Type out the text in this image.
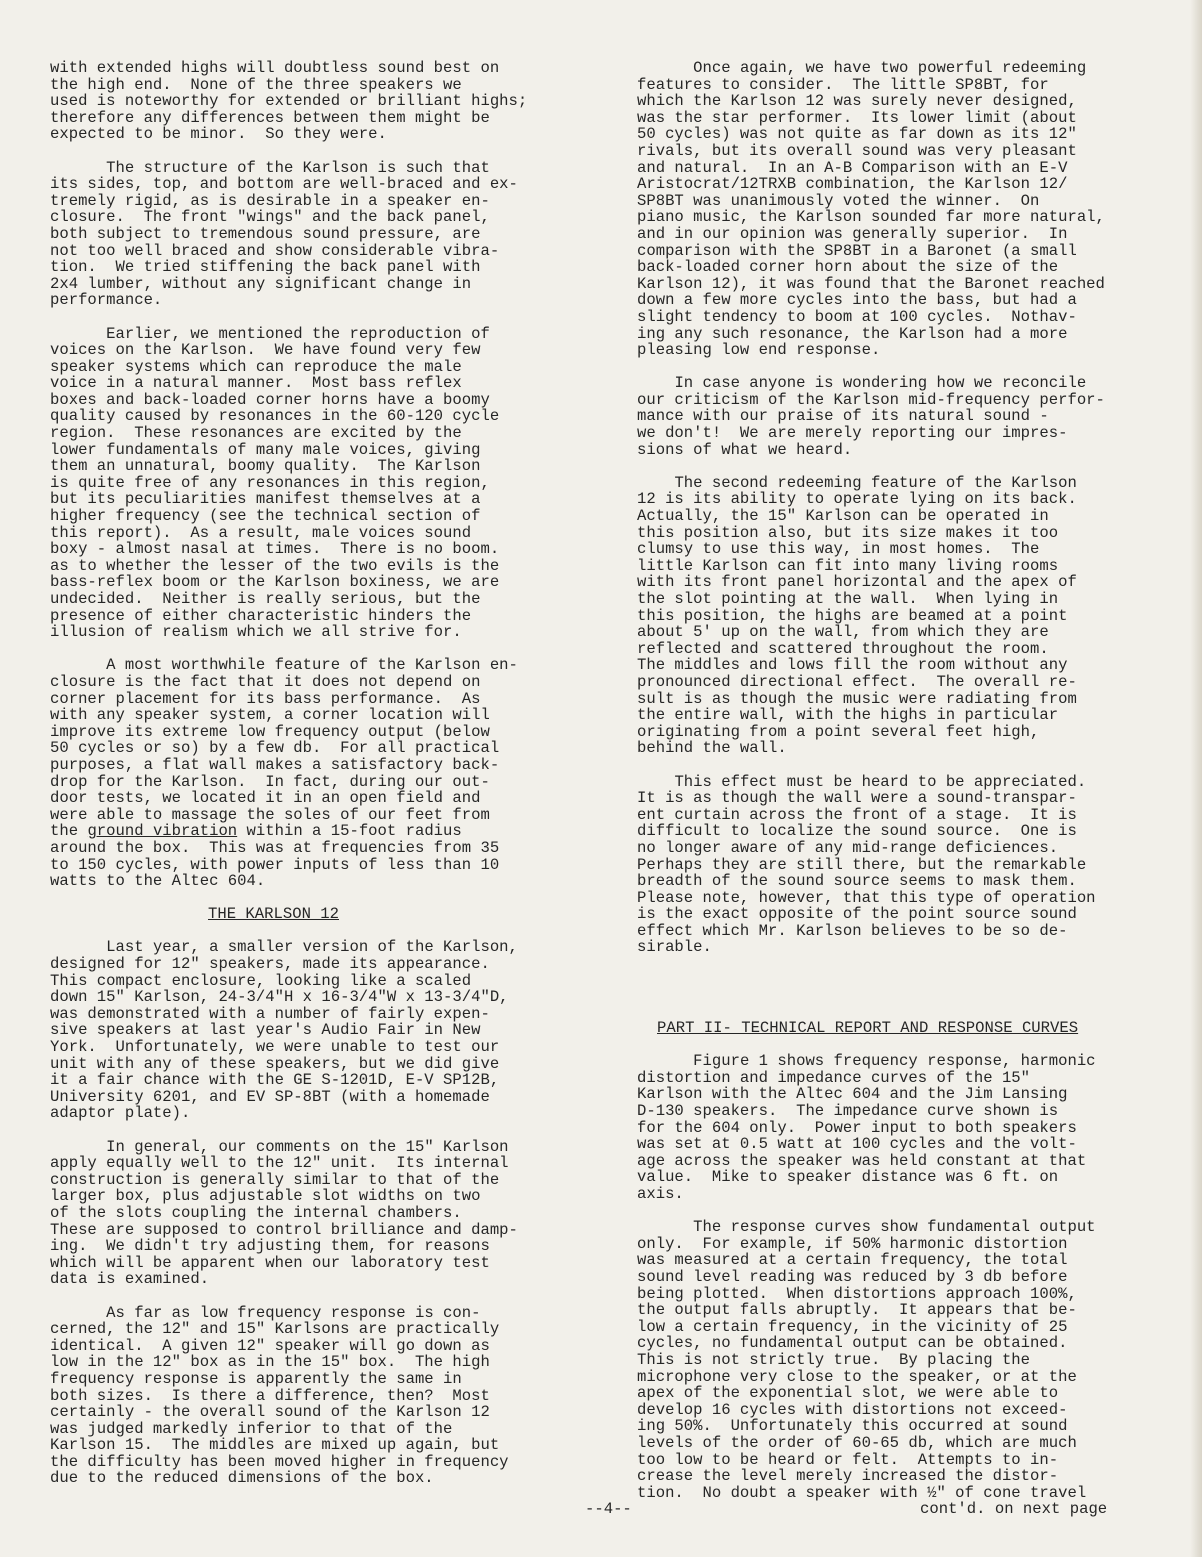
with extended highs will doubtless sound best on
the high end.  None of the three speakers we
used is noteworthy for extended or brilliant highs;
therefore any differences between them might be
expected to be minor.  So they were.

The structure of the Karlson is such that
its sides, top, and bottom are well-braced and ex-
tremely rigid, as is desirable in a speaker en-
closure.  The front "wings" and the back panel,
both subject to tremendous sound pressure, are
not too well braced and show considerable vibra-
tion.  We tried stiffening the back panel with
2x4 lumber, without any significant change in
performance.

Earlier, we mentioned the reproduction of
voices on the Karlson.  We have found very few
speaker systems which can reproduce the male
voice in a natural manner.  Most bass reflex
boxes and back-loaded corner horns have a boomy
quality caused by resonances in the 60-120 cycle
region.  These resonances are excited by the
lower fundamentals of many male voices, giving
them an unnatural, boomy quality.  The Karlson
is quite free of any resonances in this region,
but its peculiarities manifest themselves at a
higher frequency (see the technical section of
this report).  As a result, male voices sound
boxy - almost nasal at times.  There is no boom.
as to whether the lesser of the two evils is the
bass-reflex boom or the Karlson boxiness, we are
undecided.  Neither is really serious, but the
presence of either characteristic hinders the
illusion of realism which we all strive for.

A most worthwhile feature of the Karlson en-
closure is the fact that it does not depend on
corner placement for its bass performance.  As
with any speaker system, a corner location will
improve its extreme low frequency output (below
50 cycles or so) by a few db.  For all practical
purposes, a flat wall makes a satisfactory back-
drop for the Karlson.  In fact, during our out-
door tests, we located it in an open field and
were able to massage the soles of our feet from
the ground vibration within a 15-foot radius
around the box.  This was at frequencies from 35
to 150 cycles, with power inputs of less than 10
watts to the Altec 604.

THE KARLSON 12

Last year, a smaller version of the Karlson,
designed for 12" speakers, made its appearance.
This compact enclosure, looking like a scaled
down 15" Karlson, 24-3/4"H x 16-3/4"W x 13-3/4"D,
was demonstrated with a number of fairly expen-
sive speakers at last year's Audio Fair in New
York.  Unfortunately, we were unable to test our
unit with any of these speakers, but we did give
it a fair chance with the GE S-1201D, E-V SP12B,
University 6201, and EV SP-8BT (with a homemade
adaptor plate).

In general, our comments on the 15" Karlson
apply equally well to the 12" unit.  Its internal
construction is generally similar to that of the
larger box, plus adjustable slot widths on two
of the slots coupling the internal chambers.
These are supposed to control brilliance and damp-
ing.  We didn't try adjusting them, for reasons
which will be apparent when our laboratory test
data is examined.

As far as low frequency response is con-
cerned, the 12" and 15" Karlsons are practically
identical.  A given 12" speaker will go down as
low in the 12" box as in the 15" box.  The high
frequency response is apparently the same in
both sizes.  Is there a difference, then?  Most
certainly - the overall sound of the Karlson 12
was judged markedly inferior to that of the
Karlson 15.  The middles are mixed up again, but
the difficulty has been moved higher in frequency
due to the reduced dimensions of the box.

Once again, we have two powerful redeeming
features to consider.  The little SP8BT, for
which the Karlson 12 was surely never designed,
was the star performer.  Its lower limit (about
50 cycles) was not quite as far down as its 12"
rivals, but its overall sound was very pleasant
and natural.  In an A-B Comparison with an E-V
Aristocrat/12TRXB combination, the Karlson 12/
SP8BT was unanimously voted the winner.  On
piano music, the Karlson sounded far more natural,
and in our opinion was generally superior.  In
comparison with the SP8BT in a Baronet (a small
back-loaded corner horn about the size of the
Karlson 12), it was found that the Baronet reached
down a few more cycles into the bass, but had a
slight tendency to boom at 100 cycles.  Nothav-
ing any such resonance, the Karlson had a more
pleasing low end response.

In case anyone is wondering how we reconcile
our criticism of the Karlson mid-frequency perfor-
mance with our praise of its natural sound -
we don't!  We are merely reporting our impres-
sions of what we heard.

The second redeeming feature of the Karlson
12 is its ability to operate lying on its back.
Actually, the 15" Karlson can be operated in
this position also, but its size makes it too
clumsy to use this way, in most homes.  The
little Karlson can fit into many living rooms
with its front panel horizontal and the apex of
the slot pointing at the wall.  When lying in
this position, the highs are beamed at a point
about 5' up on the wall, from which they are
reflected and scattered throughout the room.
The middles and lows fill the room without any
pronounced directional effect.  The overall re-
sult is as though the music were radiating from
the entire wall, with the highs in particular
originating from a point several feet high,
behind the wall.

This effect must be heard to be appreciated.
It is as though the wall were a sound-transpar-
ent curtain across the front of a stage.  It is
difficult to localize the sound source.  One is
no longer aware of any mid-range deficiences.
Perhaps they are still there, but the remarkable
breadth of the sound source seems to mask them.
Please note, however, that this type of operation
is the exact opposite of the point source sound
effect which Mr. Karlson believes to be so de-
sirable.

PART II- TECHNICAL REPORT AND RESPONSE CURVES

Figure 1 shows frequency response, harmonic
distortion and impedance curves of the 15"
Karlson with the Altec 604 and the Jim Lansing
D-130 speakers.  The impedance curve shown is
for the 604 only.  Power input to both speakers
was set at 0.5 watt at 100 cycles and the volt-
age across the speaker was held constant at that
value.  Mike to speaker distance was 6 ft. on
axis.

The response curves show fundamental output
only.  For example, if 50% harmonic distortion
was measured at a certain frequency, the total
sound level reading was reduced by 3 db before
being plotted.  When distortions approach 100%,
the output falls abruptly.  It appears that be-
low a certain frequency, in the vicinity of 25
cycles, no fundamental output can be obtained.
This is not strictly true.  By placing the
microphone very close to the speaker, or at the
apex of the exponential slot, we were able to
develop 16 cycles with distortions not exceed-
ing 50%.  Unfortunately this occurred at sound
levels of the order of 60-65 db, which are much
too low to be heard or felt.  Attempts to in-
crease the level merely increased the distor-
tion.  No doubt a speaker with ½" of cone travel

--4--	cont'd. on next page
